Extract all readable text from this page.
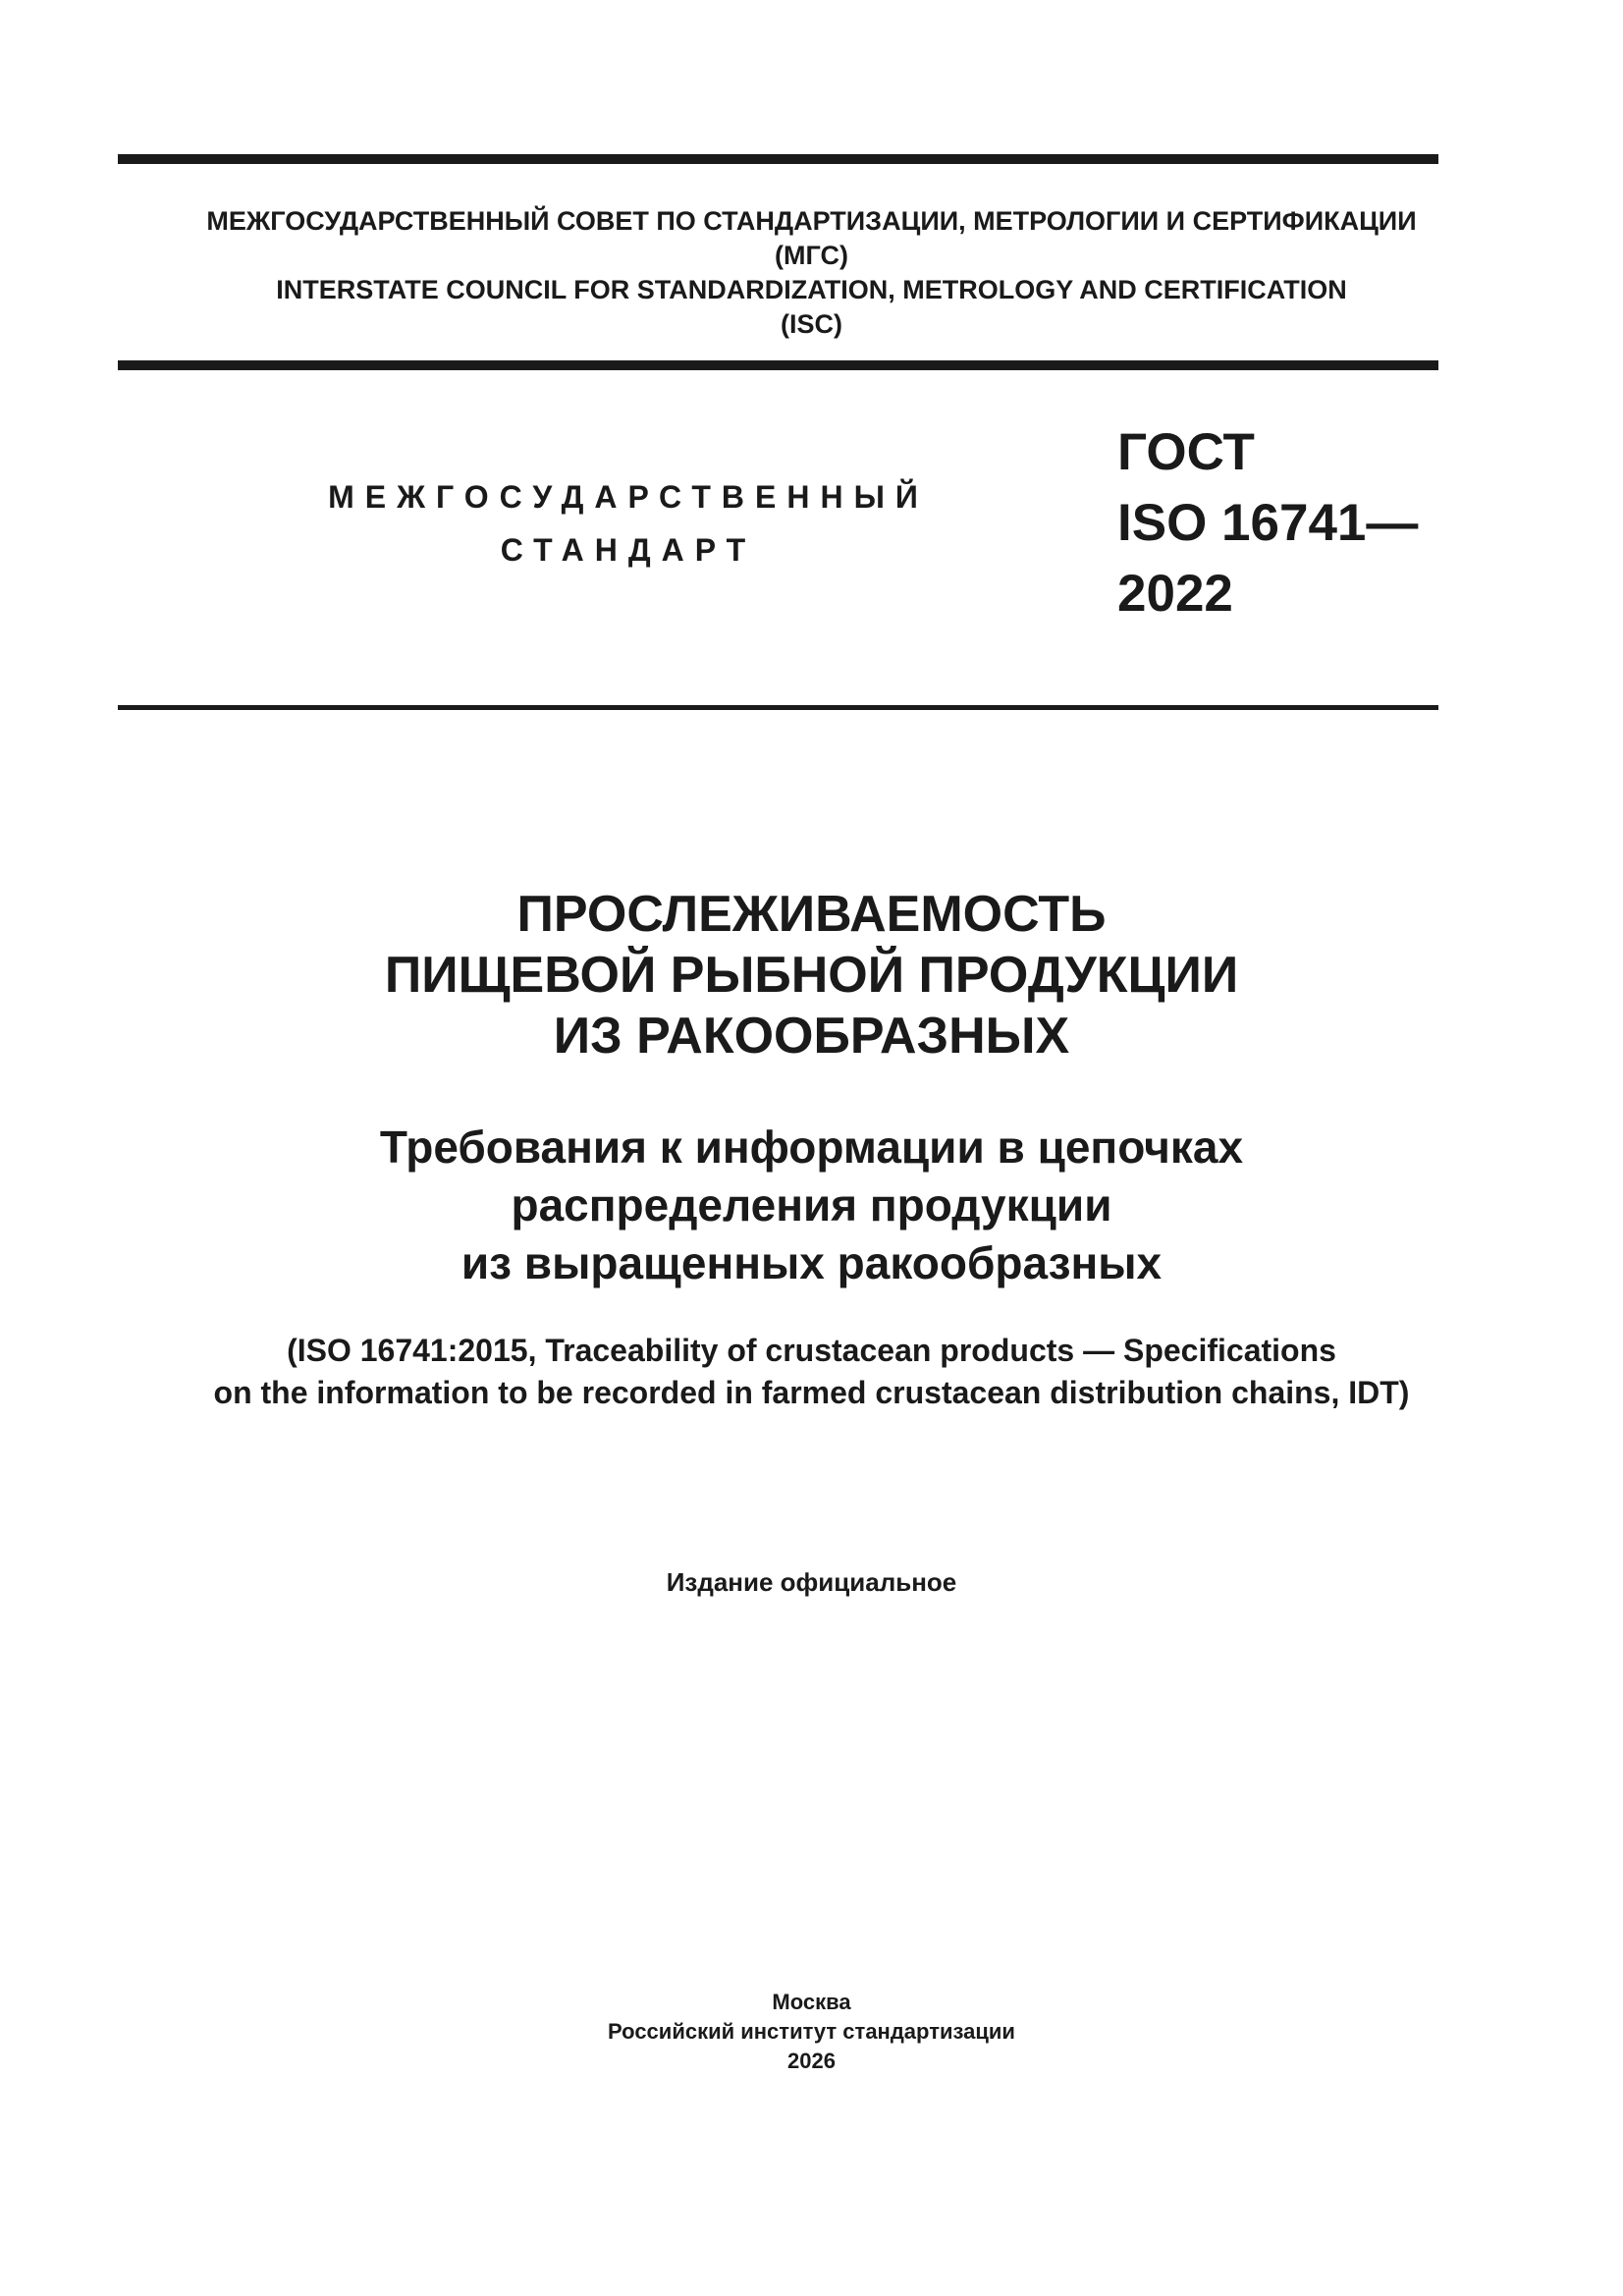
МЕЖГОСУДАРСТВЕННЫЙ СОВЕТ ПО СТАНДАРТИЗАЦИИ, МЕТРОЛОГИИ И СЕРТИФИКАЦИИ
(МГС)
INTERSTATE COUNCIL FOR STANDARDIZATION, METROLOGY AND CERTIFICATION
(ISC)
МЕЖГОСУДАРСТВЕННЫЙ
СТАНДАРТ
ГОСТ
ISO 16741—
2022
ПРОСЛЕЖИВАЕМОСТЬ
ПИЩЕВОЙ РЫБНОЙ ПРОДУКЦИИ
ИЗ РАКООБРАЗНЫХ
Требования к информации в цепочках
распределения продукции
из выращенных ракообразных
(ISO 16741:2015, Traceability of crustacean products — Specifications
on the information to be recorded in farmed crustacean distribution chains, IDT)
Издание официальное
Москва
Российский институт стандартизации
2026
